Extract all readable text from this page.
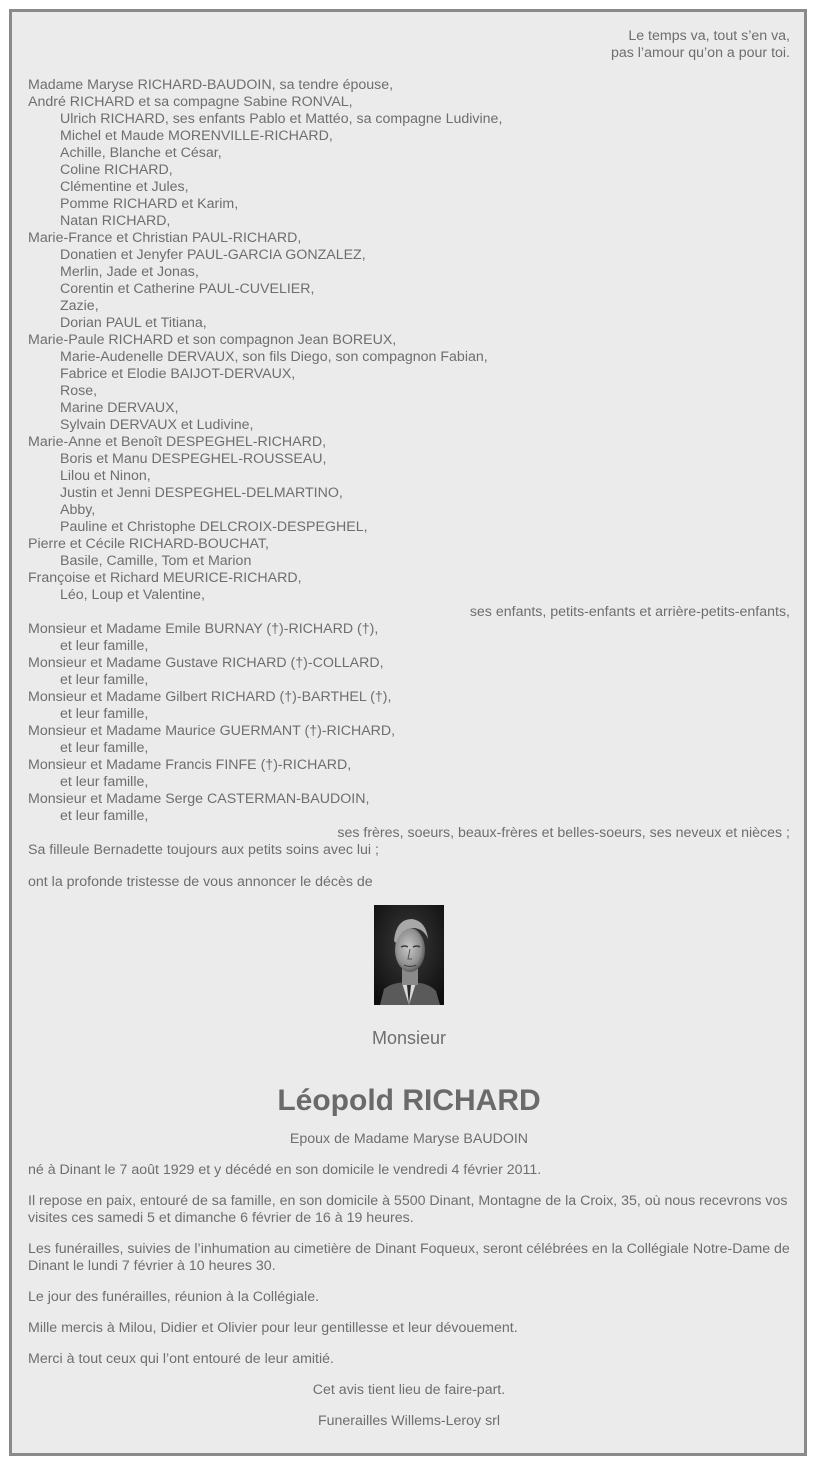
Le temps va, tout s’en va,
pas l’amour qu’on a pour toi.
Madame Maryse RICHARD-BAUDOIN, sa tendre épouse,
André RICHARD et sa compagne Sabine RONVAL,
Ulrich RICHARD, ses enfants Pablo et Mattéo, sa compagne Ludivine,
Michel et Maude MORENVILLE-RICHARD,
Achille, Blanche et César,
Coline RICHARD,
Clémentine et Jules,
Pomme RICHARD et Karim,
Natan RICHARD,
Marie-France et Christian PAUL-RICHARD,
Donatien et Jenyfer PAUL-GARCIA GONZALEZ,
Merlin, Jade et Jonas,
Corentin et Catherine PAUL-CUVELIER,
Zazie,
Dorian PAUL et Titiana,
Marie-Paule RICHARD et son compagnon Jean BOREUX,
Marie-Audenelle DERVAUX, son fils Diego, son compagnon Fabian,
Fabrice et Elodie BAIJOT-DERVAUX,
Rose,
Marine DERVAUX,
Sylvain DERVAUX et Ludivine,
Marie-Anne et Benoît DESPEGHEL-RICHARD,
Boris et Manu DESPEGHEL-ROUSSEAU,
Lilou et Ninon,
Justin et Jenni DESPEGHEL-DELMARTINO,
Abby,
Pauline et Christophe DELCROIX-DESPEGHEL,
Pierre et Cécile RICHARD-BOUCHAT,
Basile, Camille, Tom et Marion
Françoise et Richard MEURICE-RICHARD,
Léo, Loup et Valentine,
ses enfants, petits-enfants et arrière-petits-enfants,
Monsieur et Madame Emile BURNAY (†)-RICHARD (†),
et leur famille,
Monsieur et Madame Gustave RICHARD (†)-COLLARD,
et leur famille,
Monsieur et Madame Gilbert RICHARD (†)-BARTHEL (†),
et leur famille,
Monsieur et Madame Maurice GUERMANT (†)-RICHARD,
et leur famille,
Monsieur et Madame Francis FINFE (†)-RICHARD,
et leur famille,
Monsieur et Madame Serge CASTERMAN-BAUDOIN,
et leur famille,
ses frères, soeurs, beaux-frères et belles-soeurs, ses neveux et nièces ;
Sa filleule Bernadette toujours aux petits soins avec lui ;
ont la profonde tristesse de vous annoncer le décès de
Monsieur
Léopold RICHARD
Epoux de Madame Maryse BAUDOIN
né à Dinant le 7 août 1929 et y décédé en son domicile le vendredi 4 février 2011.
Il repose en paix, entouré de sa famille, en son domicile à 5500 Dinant, Montagne de la Croix, 35, où nous recevrons vos visites ces samedi 5 et dimanche 6 février de 16 à 19 heures.
Les funérailles, suivies de l’inhumation au cimetière de Dinant Foqueux, seront célébrées en la Collégiale Notre-Dame de Dinant le lundi 7 février à 10 heures 30.
Le jour des funérailles, réunion à la Collégiale.
Mille mercis à Milou, Didier et Olivier pour leur gentillesse et leur dévouement.
Merci à tout ceux qui l’ont entouré de leur amitié.
Cet avis tient lieu de faire-part.
Funerailles Willems-Leroy srl
